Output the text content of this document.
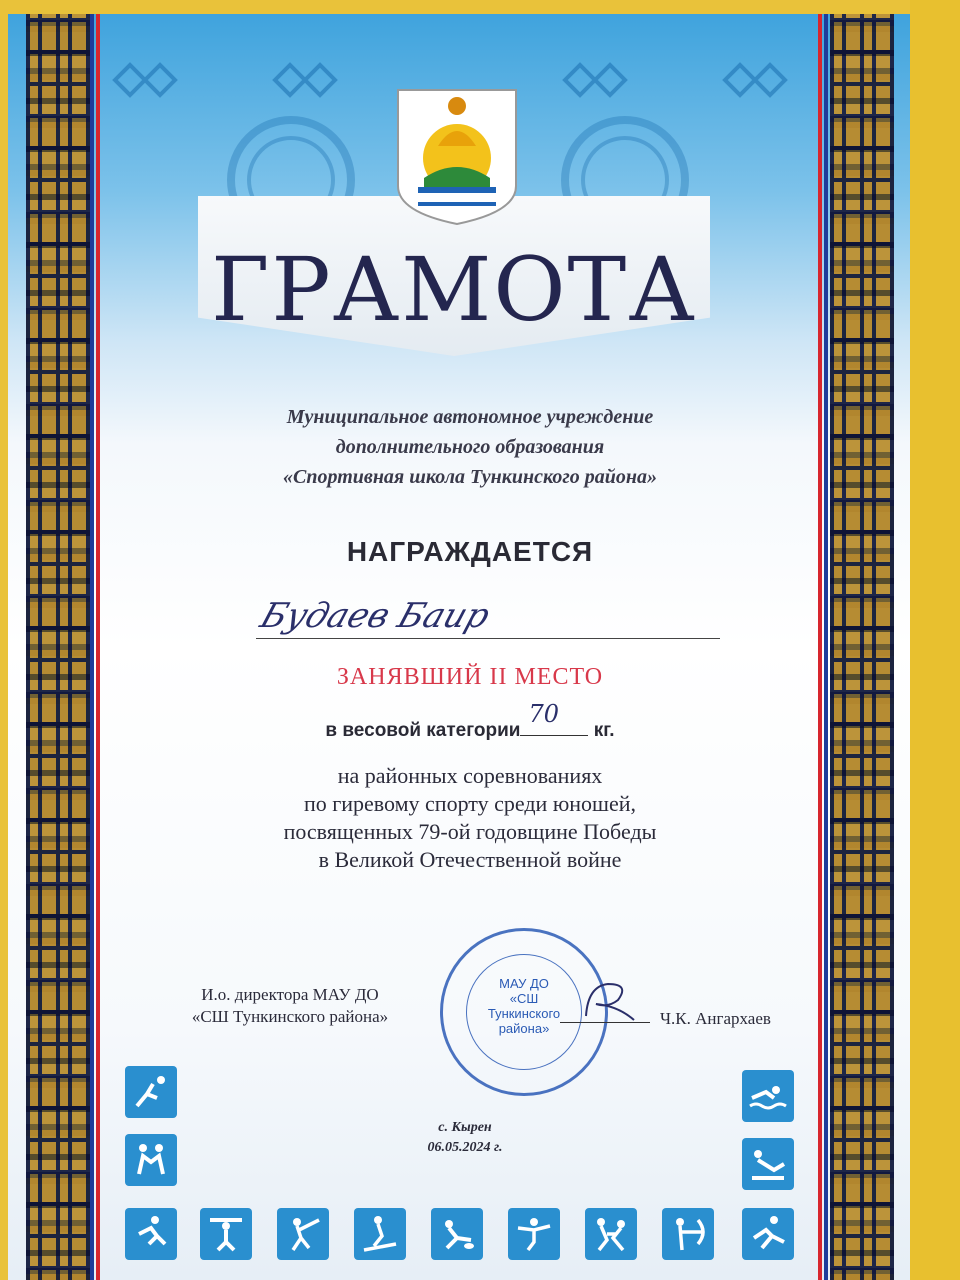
ГРАМОТА
Муниципальное автономное учреждение
дополнительного образования
«Спортивная школа Тункинского района»
НАГРАЖДАЕТСЯ
Будаев Баир
ЗАНЯВШИЙ II МЕСТО
в весовой категории
70
кг.
на районных соревнованиях
по гиревому спорту среди юношей,
посвященных 79-ой годовщине Победы
в Великой Отечественной войне
И.о. директора МАУ ДО
«СШ Тункинского района»
МАУ ДО
«СШ
Тункинского
района»
Ч.К. Ангархаев
с. Кырен
06.05.2024 г.
